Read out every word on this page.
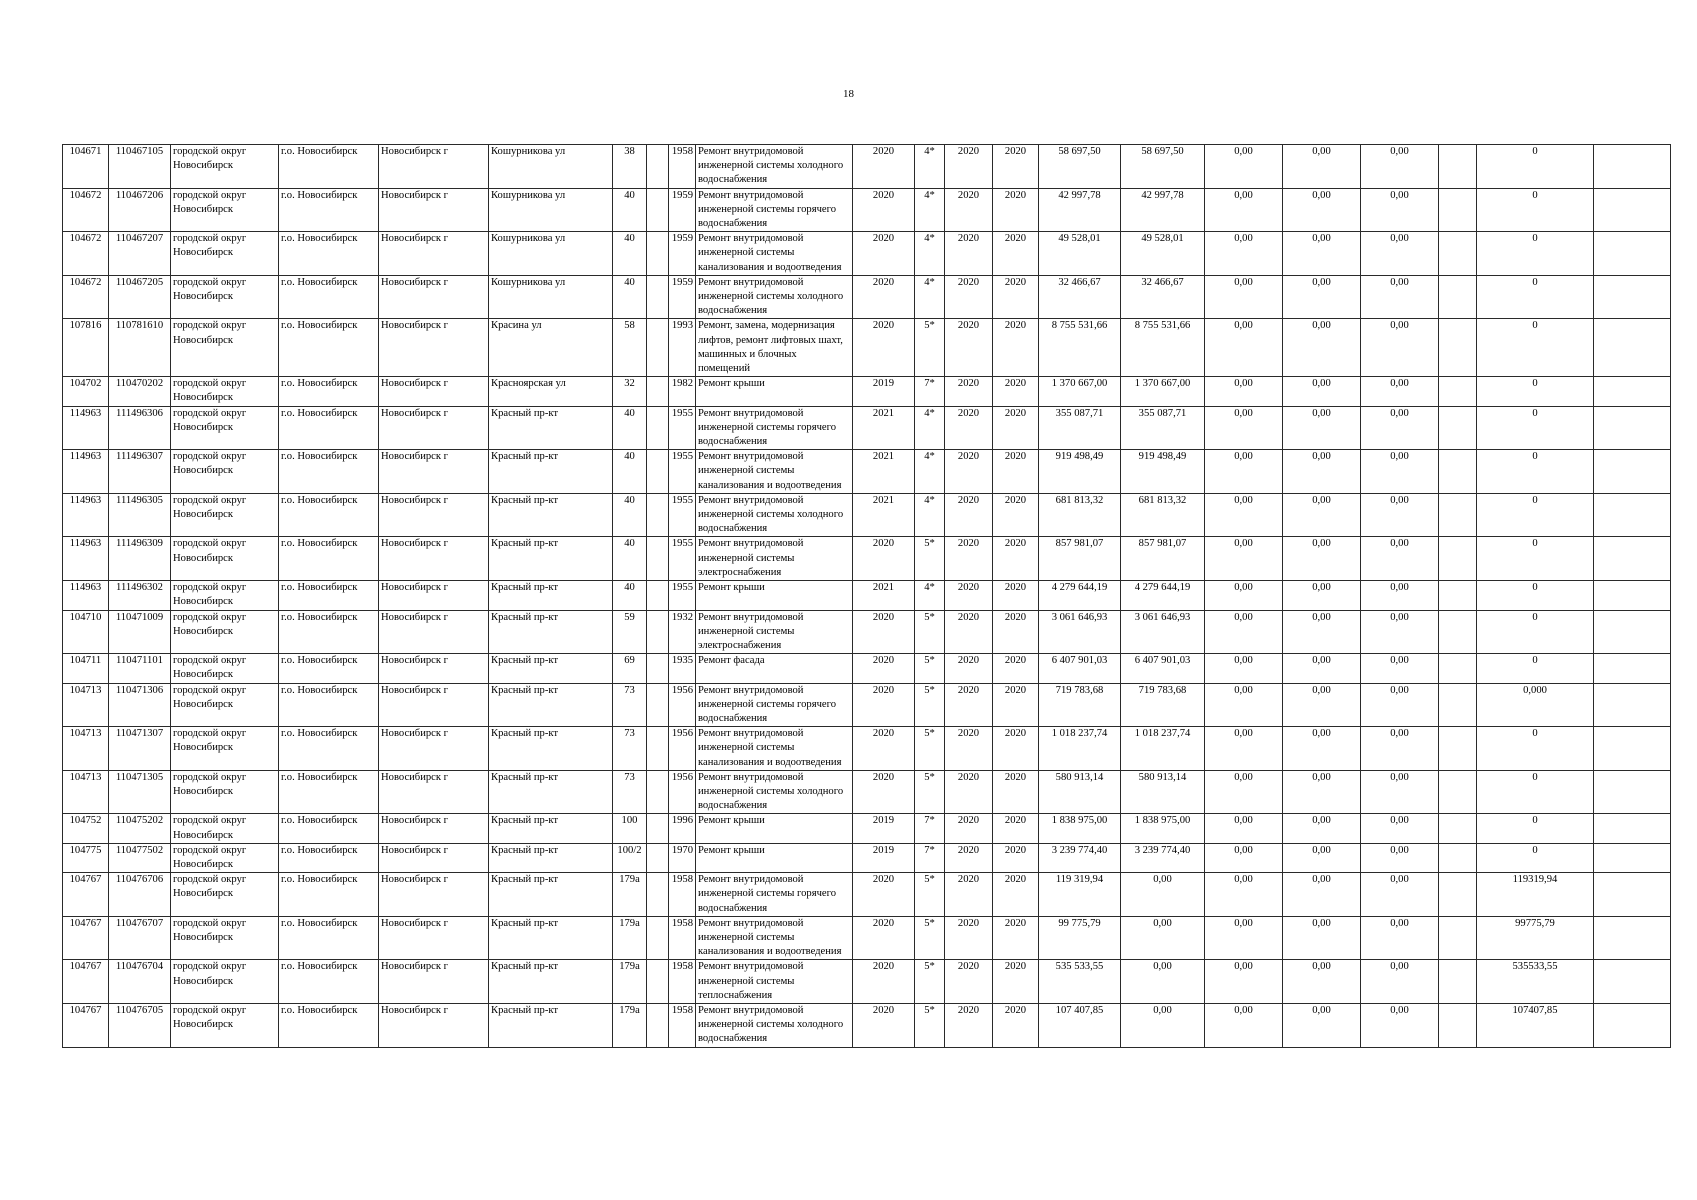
18
104671	110467105	городской округ Новосибирск	г.о. Новосибирск	Новосибирск г	Кошурникова ул	38		1958	Ремонт внутридомовой инженерной системы холодного водоснабжения	2020	4*	2020	2020	58 697,50	58 697,50	0,00	0,00	0,00		0	
104672	110467206	городской округ Новосибирск	г.о. Новосибирск	Новосибирск г	Кошурникова ул	40		1959	Ремонт внутридомовой инженерной системы горячего водоснабжения	2020	4*	2020	2020	42 997,78	42 997,78	0,00	0,00	0,00		0	
104672	110467207	городской округ Новосибирск	г.о. Новосибирск	Новосибирск г	Кошурникова ул	40		1959	Ремонт внутридомовой инженерной системы канализования и водоотведения	2020	4*	2020	2020	49 528,01	49 528,01	0,00	0,00	0,00		0	
104672	110467205	городской округ Новосибирск	г.о. Новосибирск	Новосибирск г	Кошурникова ул	40		1959	Ремонт внутридомовой инженерной системы холодного водоснабжения	2020	4*	2020	2020	32 466,67	32 466,67	0,00	0,00	0,00		0	
107816	110781610	городской округ Новосибирск	г.о. Новосибирск	Новосибирск г	Красина ул	58		1993	Ремонт, замена, модернизация лифтов, ремонт лифтовых шахт, машинных и блочных помещений	2020	5*	2020	2020	8 755 531,66	8 755 531,66	0,00	0,00	0,00		0	
104702	110470202	городской округ Новосибирск	г.о. Новосибирск	Новосибирск г	Красноярская ул	32		1982	Ремонт крыши	2019	7*	2020	2020	1 370 667,00	1 370 667,00	0,00	0,00	0,00		0	
114963	111496306	городской округ Новосибирск	г.о. Новосибирск	Новосибирск г	Красный пр-кт	40		1955	Ремонт внутридомовой инженерной системы горячего водоснабжения	2021	4*	2020	2020	355 087,71	355 087,71	0,00	0,00	0,00		0	
114963	111496307	городской округ Новосибирск	г.о. Новосибирск	Новосибирск г	Красный пр-кт	40		1955	Ремонт внутридомовой инженерной системы канализования и водоотведения	2021	4*	2020	2020	919 498,49	919 498,49	0,00	0,00	0,00		0	
114963	111496305	городской округ Новосибирск	г.о. Новосибирск	Новосибирск г	Красный пр-кт	40		1955	Ремонт внутридомовой инженерной системы холодного водоснабжения	2021	4*	2020	2020	681 813,32	681 813,32	0,00	0,00	0,00		0	
114963	111496309	городской округ Новосибирск	г.о. Новосибирск	Новосибирск г	Красный пр-кт	40		1955	Ремонт внутридомовой инженерной системы электроснабжения	2020	5*	2020	2020	857 981,07	857 981,07	0,00	0,00	0,00		0	
114963	111496302	городской округ Новосибирск	г.о. Новосибирск	Новосибирск г	Красный пр-кт	40		1955	Ремонт крыши	2021	4*	2020	2020	4 279 644,19	4 279 644,19	0,00	0,00	0,00		0	
104710	110471009	городской округ Новосибирск	г.о. Новосибирск	Новосибирск г	Красный пр-кт	59		1932	Ремонт внутридомовой инженерной системы электроснабжения	2020	5*	2020	2020	3 061 646,93	3 061 646,93	0,00	0,00	0,00		0	
104711	110471101	городской округ Новосибирск	г.о. Новосибирск	Новосибирск г	Красный пр-кт	69		1935	Ремонт фасада	2020	5*	2020	2020	6 407 901,03	6 407 901,03	0,00	0,00	0,00		0	
104713	110471306	городской округ Новосибирск	г.о. Новосибирск	Новосибирск г	Красный пр-кт	73		1956	Ремонт внутридомовой инженерной системы горячего водоснабжения	2020	5*	2020	2020	719 783,68	719 783,68	0,00	0,00	0,00		0,000	
104713	110471307	городской округ Новосибирск	г.о. Новосибирск	Новосибирск г	Красный пр-кт	73		1956	Ремонт внутридомовой инженерной системы канализования и водоотведения	2020	5*	2020	2020	1 018 237,74	1 018 237,74	0,00	0,00	0,00		0	
104713	110471305	городской округ Новосибирск	г.о. Новосибирск	Новосибирск г	Красный пр-кт	73		1956	Ремонт внутридомовой инженерной системы холодного водоснабжения	2020	5*	2020	2020	580 913,14	580 913,14	0,00	0,00	0,00		0	
104752	110475202	городской округ Новосибирск	г.о. Новосибирск	Новосибирск г	Красный пр-кт	100		1996	Ремонт крыши	2019	7*	2020	2020	1 838 975,00	1 838 975,00	0,00	0,00	0,00		0	
104775	110477502	городской округ Новосибирск	г.о. Новосибирск	Новосибирск г	Красный пр-кт	100/2		1970	Ремонт крыши	2019	7*	2020	2020	3 239 774,40	3 239 774,40	0,00	0,00	0,00		0	
104767	110476706	городской округ Новосибирск	г.о. Новосибирск	Новосибирск г	Красный пр-кт	179а		1958	Ремонт внутридомовой инженерной системы горячего водоснабжения	2020	5*	2020	2020	119 319,94	0,00	0,00	0,00	0,00		119319,94	
104767	110476707	городской округ Новосибирск	г.о. Новосибирск	Новосибирск г	Красный пр-кт	179а		1958	Ремонт внутридомовой инженерной системы канализования и водоотведения	2020	5*	2020	2020	99 775,79	0,00	0,00	0,00	0,00		99775,79	
104767	110476704	городской округ Новосибирск	г.о. Новосибирск	Новосибирск г	Красный пр-кт	179а		1958	Ремонт внутридомовой инженерной системы теплоснабжения	2020	5*	2020	2020	535 533,55	0,00	0,00	0,00	0,00		535533,55	
104767	110476705	городской округ Новосибирск	г.о. Новосибирск	Новосибирск г	Красный пр-кт	179а		1958	Ремонт внутридомовой инженерной системы холодного водоснабжения	2020	5*	2020	2020	107 407,85	0,00	0,00	0,00	0,00		107407,85	
